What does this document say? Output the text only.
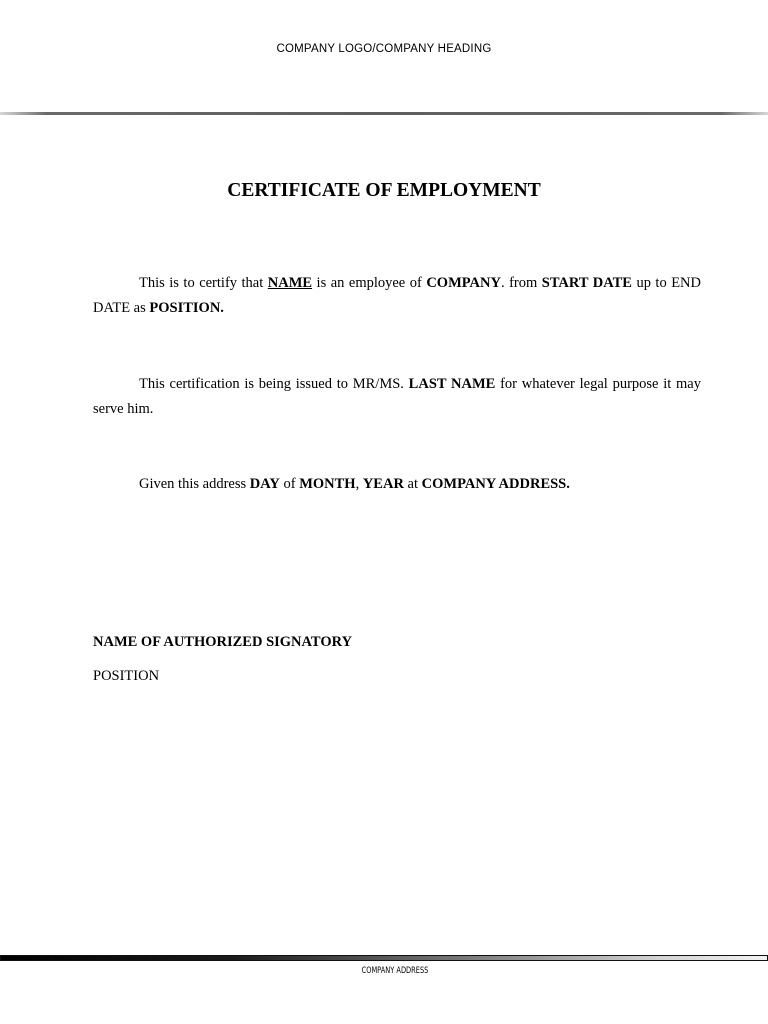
COMPANY LOGO/COMPANY HEADING
CERTIFICATE OF EMPLOYMENT

This is to certify that NAME is an employee of COMPANY. from START DATE up to END DATE as POSITION.

This certification is being issued to MR/MS. LAST NAME for whatever legal purpose it may serve him.

Given this address DAY of MONTH, YEAR at COMPANY ADDRESS.

NAME OF AUTHORIZED SIGNATORY
POSITION
COMPANY ADDRESS
